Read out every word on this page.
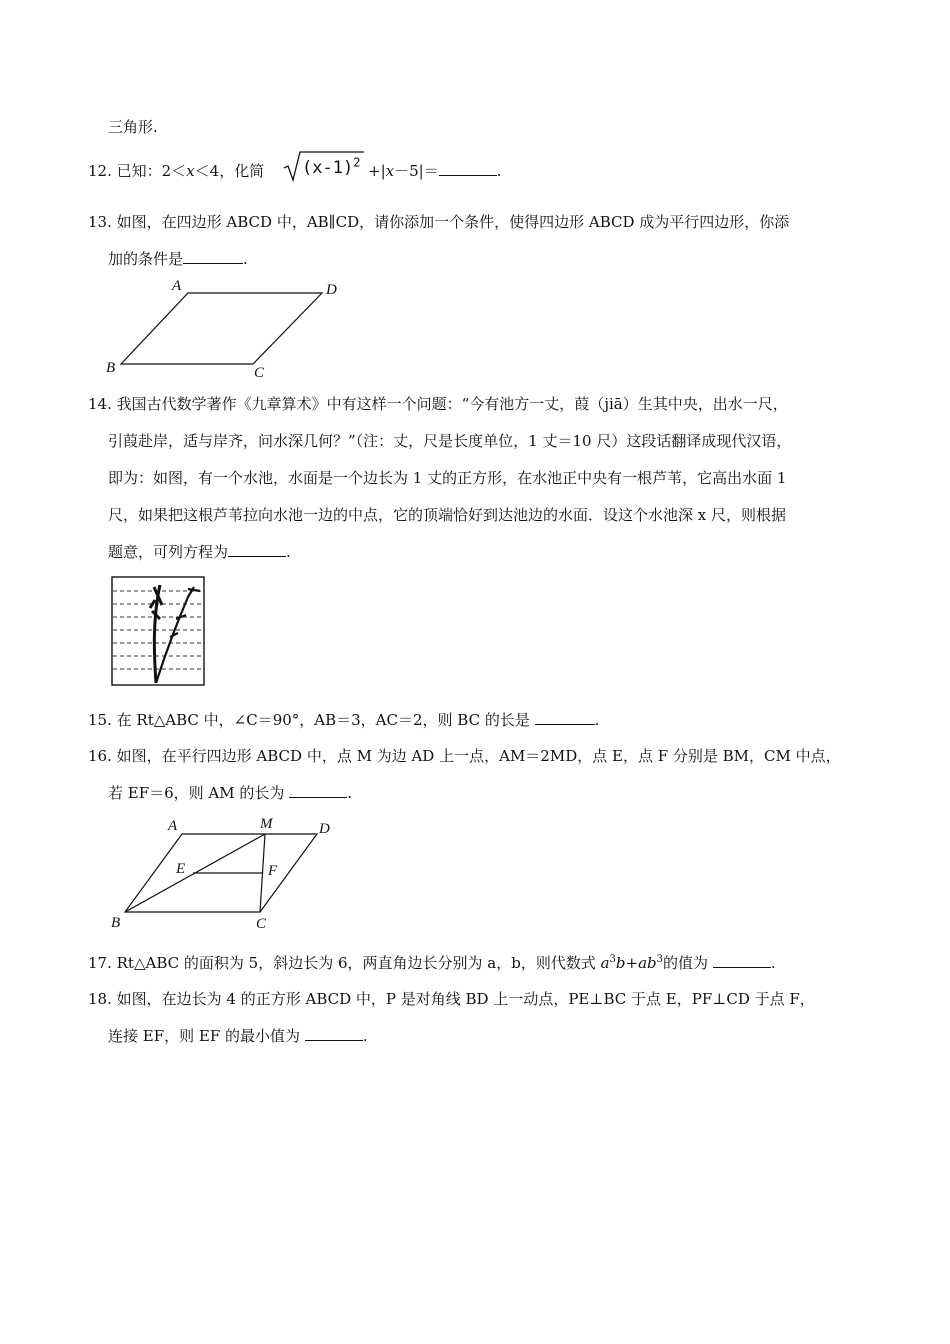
三角形.
12. 已知：2＜x＜4，化简 $(x-1)^2 +|x-5|=$	.
13. 如图，在四边形 ABCD 中，AB∥CD，请你添加一个条件，使得四边形 ABCD 成为平行四边形，你添
加的条件是	.
A	D
B	C
14. 我国古代数学著作《九章算术》中有这样一个问题：“今有池方一丈，葭（jiā）生其中央，出水一尺，
引葭赴岸，适与岸齐，问水深几何？”（注：丈，尺是长度单位，1 丈＝10 尺）这段话翻译成现代汉语，
即为：如图，有一个水池，水面是一个边长为 1 丈的正方形，在水池正中央有一根芦苇，它高出水面 1
尺，如果把这根芦苇拉向水池一边的中点，它的顶端恰好到达池边的水面．设这个水池深 x 尺，则根据
题意，可列方程为	.
15. 在 Rt△ABC 中，∠C＝90°，AB＝3，AC＝2，则 BC 的长是	.
16. 如图，在平行四边形 ABCD 中，点 M 为边 AD 上一点，AM＝2MD，点 E，点 F 分别是 BM，CM 中点，
若 EF＝6，则 AM 的长为	.
A	M	D
E	F
B	C
17. Rt△ABC 的面积为 5，斜边长为 6，两直角边长分别为 a，b，则代数式 $a^3b+ab^3$的值为	.
18. 如图，在边长为 4 的正方形 ABCD 中，P 是对角线 BD 上一动点，PE⊥BC 于点 E，PF⊥CD 于点 F，
连接 EF，则 EF 的最小值为	.
